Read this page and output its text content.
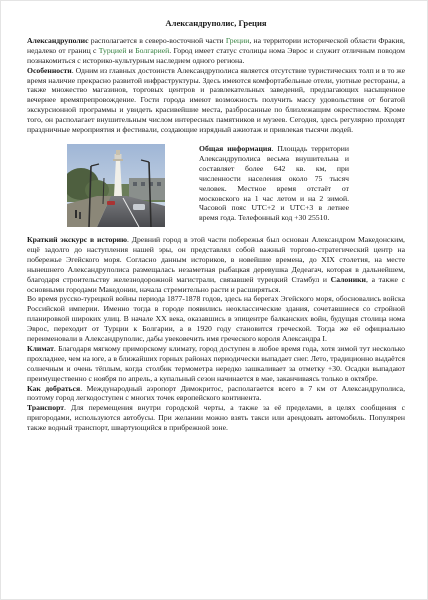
Александруполис, Греция

Александруполис располагается в северо-восточной части Греции, на территории исторической области Фракия, недалеко от границ с Турцией и Болгарией. Город имеет статус столицы нома Эврос и служит отличным поводом познакомиться с историко-культурным наследием одного региона.

Особенности. Одним из главных достоинств Александруполиса является отсутствие туристических толп и в то же время наличие прекрасно развитой инфраструктуры. Здесь имеются комфортабельные отели, уютные рестораны, а также множество магазинов, торговых центров и развлекательных заведений, предлагающих насыщенное вечернее времяпрепровождение. Гости города имеют возможность получить массу удовольствия от богатой экскурсионной программы и увидеть красивейшие места, разбросанные по близлежащим окрестностям. Кроме того, он располагает внушительным числом интересных памятников и музеев. Сегодня, здесь регулярно проходят праздничные мероприятия и фестивали, создающие изрядный ажиотаж и привлекая тысячи людей.

Общая информация. Площадь территории Александруполиса весьма внушительна и составляет более 642 кв. км, при численности населения около 75 тысяч человек. Местное время отстаёт от московского на 1 час летом и на 2 зимой. Часовой пояс UTC+2 и UTC+3 в летнее время года. Телефонный код +30 25510.

Краткий экскурс в историю. Древний город в этой части побережья был основан Александром Македонским, ещё задолго до наступления нашей эры, он представлял собой важный торгово-стратегический центр на побережье Эгейского моря. Согласно данным историков, в новейшие времена, до XIX столетия, на месте нынешнего Александруполиса размещалась незаметная рыбацкая деревушка Дедеагач, которая в дальнейшем, благодаря строительству железнодорожной магистрали, связавшей турецкий Стамбул и Салоники, а также с основными городами Македонии, начала стремительно расти и расширяться.

Во время русско-турецкой войны периода 1877-1878 годов, здесь на берегах Эгейского моря, обосновались войска Российской империи. Именно тогда в городе появились неоклассические здания, сочетавшиеся со стройной планировкой широких улиц. В начале XX века, оказавшись в эпицентре балканских войн, будущая столица нома Эврос, переходит от Турции к Болгарии, а в 1920 году становится греческой. Тогда же её официально переименовали в Александруполис, дабы увековечить имя греческого короля Александра I.

Климат. Благодаря мягкому приморскому климату, город доступен в любое время года, хотя зимой тут несколько прохладнее, чем на юге, а в ближайших горных районах периодически выпадает снег. Лето, традиционно выдаётся солнечным и очень тёплым, когда столбик термометра нередко зашкаливает за отметку +30. Осадки выпадают преимущественно с ноября по апрель, а купальный сезон начинается в мае, заканчиваясь только в октябре.

Как добраться. Международный аэропорт Димокритос, располагается всего в 7 км от Александруполиса, поэтому город легкодоступен с многих точек европейского континента.

Транспорт. Для перемещения внутри городской черты, а также за её пределами, в целях сообщения с пригородами, используются автобусы. При желании можно взять такси или арендовать автомобиль. Популярен также водный транспорт, швартующийся в прибрежной зоне.
